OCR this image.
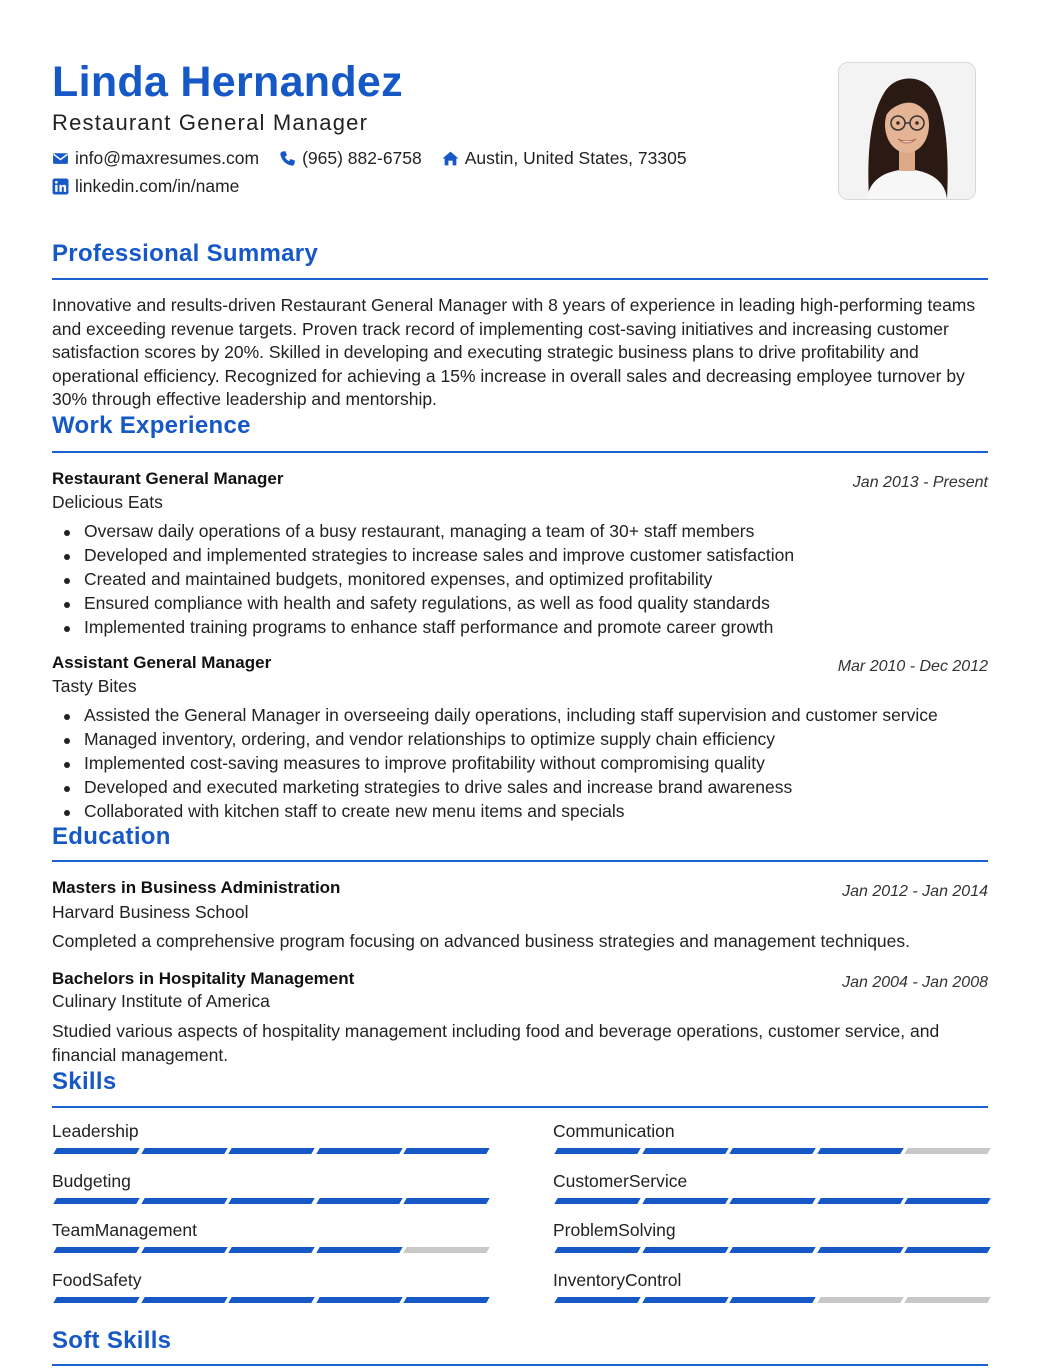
Linda Hernandez
Restaurant General Manager
info@maxresumes.com (965) 882-6758 Austin, United States, 73305
linkedin.com/in/name
Professional Summary
Innovative and results-driven Restaurant General Manager with 8 years of experience in leading high-performing teams and exceeding revenue targets. Proven track record of implementing cost-saving initiatives and increasing customer satisfaction scores by 20%. Skilled in developing and executing strategic business plans to drive profitability and operational efficiency. Recognized for achieving a 15% increase in overall sales and decreasing employee turnover by 30% through effective leadership and mentorship.
Work Experience
Restaurant General Manager	Jan 2013 - Present
Delicious Eats
Oversaw daily operations of a busy restaurant, managing a team of 30+ staff members
Developed and implemented strategies to increase sales and improve customer satisfaction
Created and maintained budgets, monitored expenses, and optimized profitability
Ensured compliance with health and safety regulations, as well as food quality standards
Implemented training programs to enhance staff performance and promote career growth
Assistant General Manager	Mar 2010 - Dec 2012
Tasty Bites
Assisted the General Manager in overseeing daily operations, including staff supervision and customer service
Managed inventory, ordering, and vendor relationships to optimize supply chain efficiency
Implemented cost-saving measures to improve profitability without compromising quality
Developed and executed marketing strategies to drive sales and increase brand awareness
Collaborated with kitchen staff to create new menu items and specials
Education
Masters in Business Administration	Jan 2012 - Jan 2014
Harvard Business School
Completed a comprehensive program focusing on advanced business strategies and management techniques.
Bachelors in Hospitality Management	Jan 2004 - Jan 2008
Culinary Institute of America
Studied various aspects of hospitality management including food and beverage operations, customer service, and financial management.
Skills
Leadership	Communication
Budgeting	CustomerService
TeamManagement	ProblemSolving
FoodSafety	InventoryControl
Soft Skills
